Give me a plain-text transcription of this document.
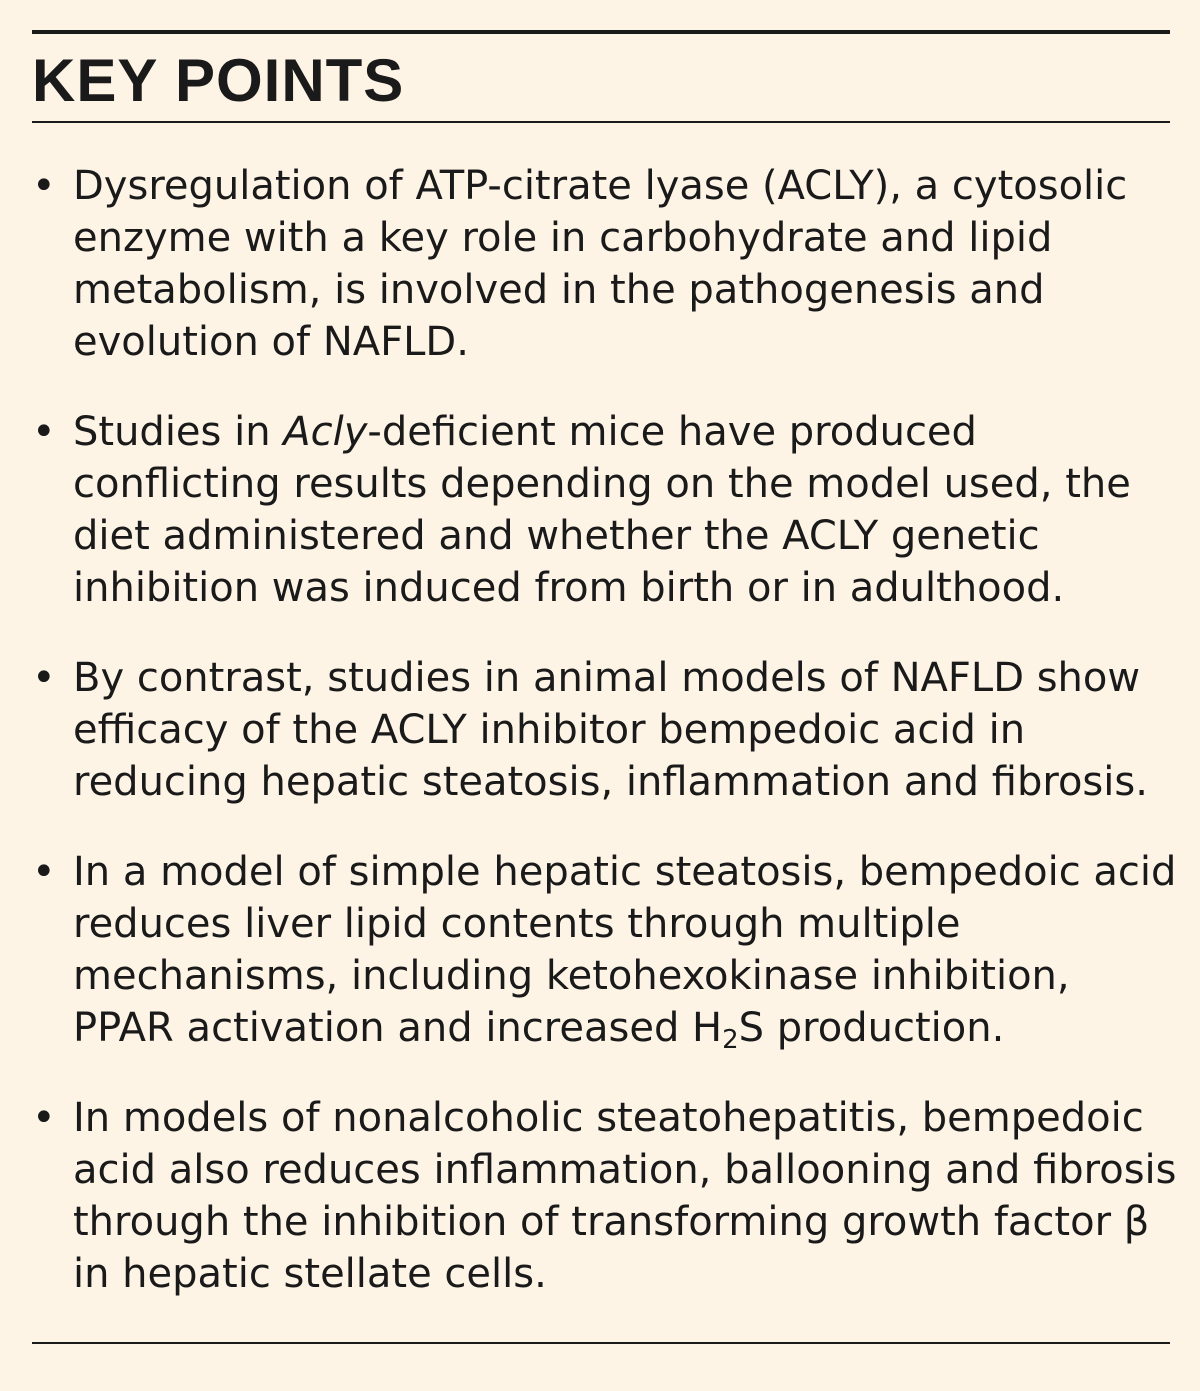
KEY POINTS
• Dysregulation of ATP-citrate lyase (ACLY), a cytosolic enzyme with a key role in carbohydrate and lipid metabolism, is involved in the pathogenesis and evolution of NAFLD.
• Studies in Acly-deficient mice have produced conflicting results depending on the model used, the diet administered and whether the ACLY genetic inhibition was induced from birth or in adulthood.
• By contrast, studies in animal models of NAFLD show efficacy of the ACLY inhibitor bempedoic acid in reducing hepatic steatosis, inflammation and fibrosis.
• In a model of simple hepatic steatosis, bempedoic acid reduces liver lipid contents through multiple mechanisms, including ketohexokinase inhibition, PPAR activation and increased $H_2S$ production.
• In models of nonalcoholic steatohepatitis, bempedoic acid also reduces inflammation, ballooning and fibrosis through the inhibition of transforming growth factor β in hepatic stellate cells.
